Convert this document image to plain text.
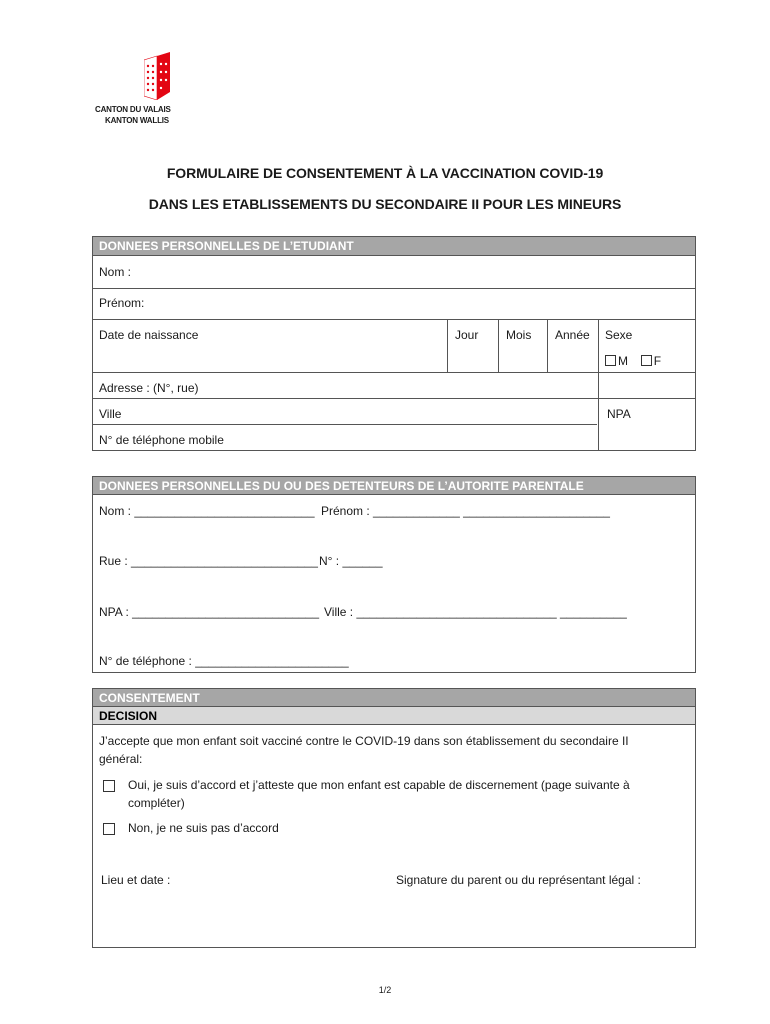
CANTON DU VALAIS
KANTON WALLIS
FORMULAIRE DE CONSENTEMENT À LA VACCINATION COVID-19
DANS LES ETABLISSEMENTS DU SECONDAIRE II POUR LES MINEURS
DONNEES PERSONNELLES DE L’ETUDIANT
Nom :
Prénom:
Date de naissance	Jour Mois Année Sexe
M F
Adresse : (N°, rue)
Ville	NPA
N° de téléphone mobile
DONNEES PERSONNELLES DU OU DES DETENTEURS DE L’AUTORITE PARENTALE
Nom : ___________________________ Prénom : _____________ ______________________
Rue : ____________________________ N° : ______
NPA : ____________________________ Ville : ______________________________ __________
N° de téléphone : _______________________
CONSENTEMENT
DECISION
J’accepte que mon enfant soit vacciné contre le COVID-19 dans son établissement du secondaire II
général:
Oui, je suis d’accord et j’atteste que mon enfant est capable de discernement (page suivante à
compléter)
Non, je ne suis pas d’accord
Lieu et date :	Signature du parent ou du représentant légal :
1/2
